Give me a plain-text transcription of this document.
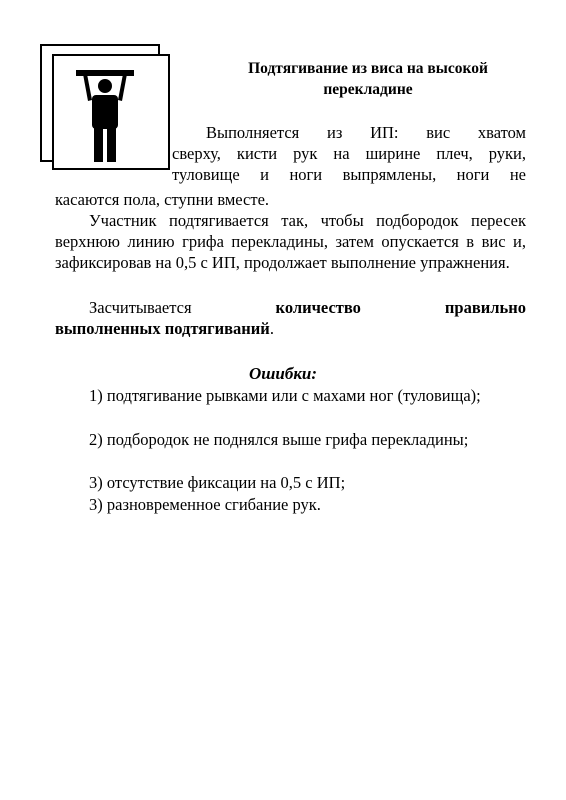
Подтягивание из виса на высокой
перекладине
Выполняется из ИП: вис хватом
сверху, кисти рук на ширине плеч, руки,
туловище и ноги выпрямлены, ноги не

касаются пола, ступни вместе.

Участник подтягивается так, чтобы подбородок пересек верхнюю линию грифа перекладины, затем опускается в вис и, зафиксировав на 0,5 с ИП, продолжает выполнение упражнения.

Засчитывается	количество	правильно
выполненных подтягиваний.
Ошибки:

1) подтягивание рывками или с махами ног (туловища);

2) подбородок не поднялся выше грифа перекладины;

3) отсутствие фиксации на 0,5 с ИП;

3) разновременное сгибание рук.
